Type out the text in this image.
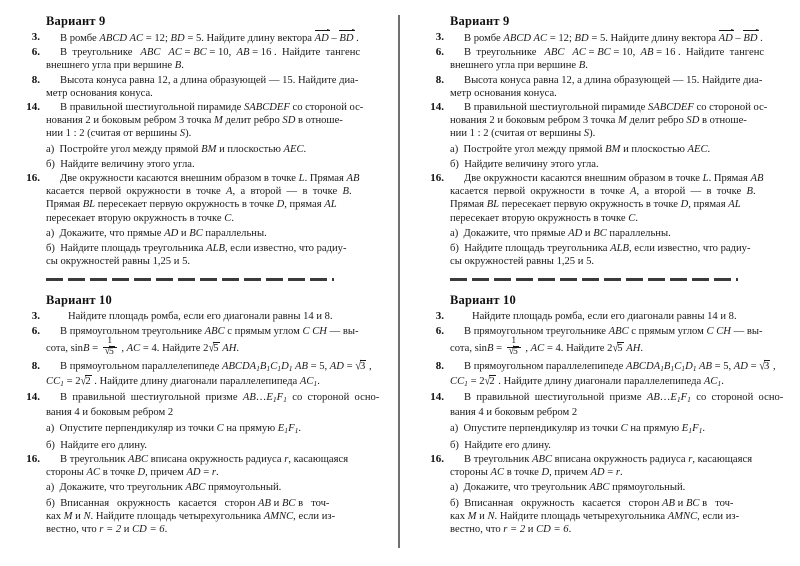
Вариант 9
3.	В ромбе ABCD AC = 12; BD = 5. Найдите длину вектора AD – BD .

6.	В  треугольнике   ABC AC = BC = 10,  AB = 16 .  Найдите  тангенс

внешнего угла при вершине B.

8.	Высота конуса равна 12, а длина образующей — 15. Найдите диа-

метр основания конуса.

14.	В правильной шестиугольной пирамиде SABCDEF со стороной ос-

нования 2 и боковым ребром 3 точка M делит ребро SD в отноше-

нии 1 : 2 (считая от вершины S).

а)  Постройте угол между прямой BM и плоскостью AEC.

б)  Найдите величину этого угла.

16.	Две окружности касаются внешним образом в точке L. Прямая AB

касается  первой  окружности  в  точке  A,  а  второй  —  в  точке  B.

Прямая BL пересекает первую окружность в точке D, прямая AL

пересекает вторую окружность в точке C.

а)  Докажите, что прямые AD и BC параллельны.

б)  Найдите площадь треугольника ALB, если известно, что радиу-

сы окружностей равны 1,25 и 5.

Вариант 10
3.	Найдите площадь ромба, если его диагонали равны 14 и 8.

6.	В прямоугольном треугольнике ABC с прямым углом C CH — вы-

сота, $\sin B = \frac{1}{√5}$ , AC = 4. Найдите 2√5 AH.

8.	В прямоугольном параллелепипеде ABCDA1B1C1D1 AB = 5, AD = √3 ,

CC1 = 2√2 . Найдите длину диагонали параллелепипеда AC1.

14.	В  правильной  шестиугольной  призме  AB…E1F1  со  стороной  осно-

вания 4 и боковым ребром 2

а)  Опустите перпендикуляр из точки C на прямую E1F1.

б)  Найдите его длину.

16.	В треугольник ABC вписана окружность радиуса r, касающаяся

стороны AC в точке D, причем AD = r.

а)  Докажите, что треугольник ABC прямоугольный.

б)  Вписанная   окружность   касается   сторон AB и BC в   точ-

ках M и N. Найдите площадь четырехугольника AMNC, если из-

вестно, что r = 2 и CD = 6.

Вариант 9
3.	В ромбе ABCD AC = 12; BD = 5. Найдите длину вектора AD – BD .

6.	В  треугольнике   ABC AC = BC = 10,  AB = 16 .  Найдите  тангенс

внешнего угла при вершине B.

8.	Высота конуса равна 12, а длина образующей — 15. Найдите диа-

метр основания конуса.

14.	В правильной шестиугольной пирамиде SABCDEF со стороной ос-

нования 2 и боковым ребром 3 точка M делит ребро SD в отноше-

нии 1 : 2 (считая от вершины S).

а)  Постройте угол между прямой BM и плоскостью AEC.

б)  Найдите величину этого угла.

16.	Две окружности касаются внешним образом в точке L. Прямая AB

касается  первой  окружности  в  точке  A,  а  второй  —  в  точке  B.

Прямая BL пересекает первую окружность в точке D, прямая AL

пересекает вторую окружность в точке C.

а)  Докажите, что прямые AD и BC параллельны.

б)  Найдите площадь треугольника ALB, если известно, что радиу-

сы окружностей равны 1,25 и 5.

Вариант 10
3.	Найдите площадь ромба, если его диагонали равны 14 и 8.

6.	В прямоугольном треугольнике ABC с прямым углом C CH — вы-

сота, $\sin B = \frac{1}{√5}$ , AC = 4. Найдите 2√5 AH.

8.	В прямоугольном параллелепипеде ABCDA1B1C1D1 AB = 5, AD = √3 ,

CC1 = 2√2 . Найдите длину диагонали параллелепипеда AC1.

14.	В  правильной  шестиугольной  призме  AB…E1F1  со  стороной  осно-

вания 4 и боковым ребром 2

а)  Опустите перпендикуляр из точки C на прямую E1F1.

б)  Найдите его длину.

16.	В треугольник ABC вписана окружность радиуса r, касающаяся

стороны AC в точке D, причем AD = r.

а)  Докажите, что треугольник ABC прямоугольный.

б)  Вписанная   окружность   касается   сторон AB и BC в   точ-

ках M и N. Найдите площадь четырехугольника AMNC, если из-

вестно, что r = 2 и CD = 6.
